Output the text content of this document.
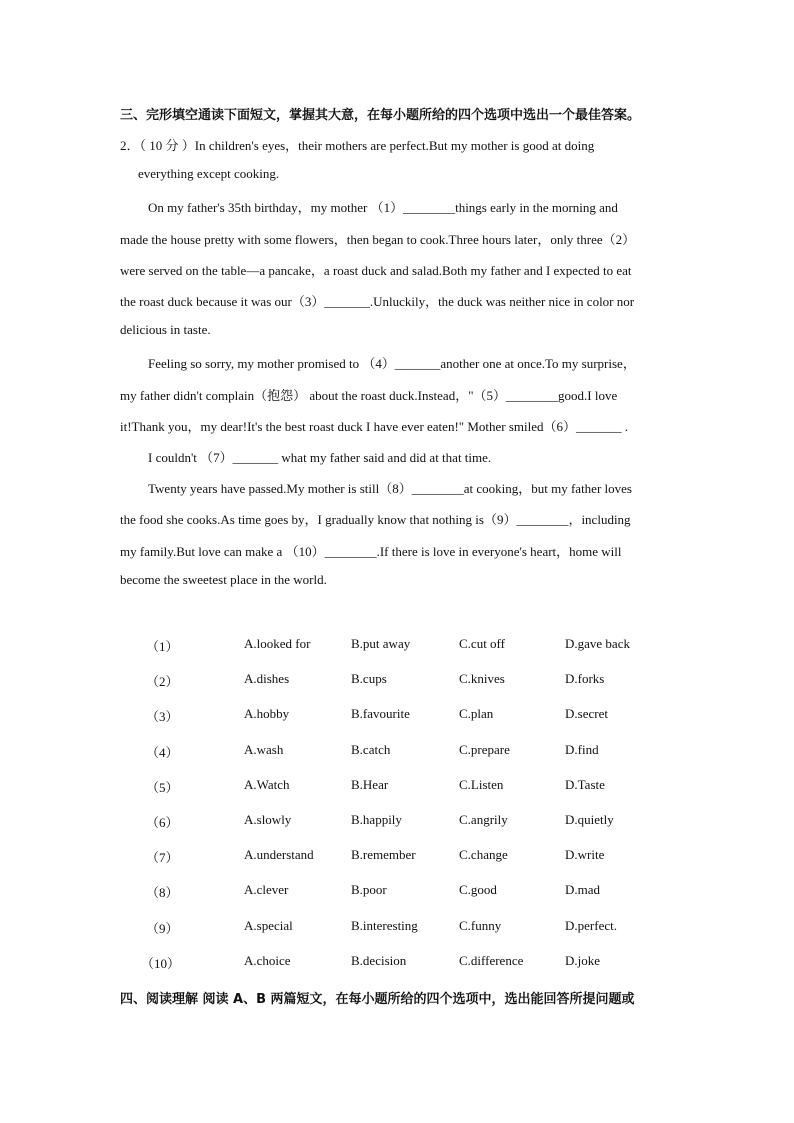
三、完形填空通读下面短文，掌握其大意，在每小题所给的四个选项中选出一个最佳答案。
2．（ 10 分 ）In children's eyes，their mothers are perfect.But my mother is good at doing
everything except cooking.
On my father's 35th birthday，my mother （1）________things early in the morning and
made the house pretty with some flowers，then began to cook.Three hours later，only three（2）
were served on the table—a pancake，a roast duck and salad.Both my father and I expected to eat
the roast duck because it was our（3）_______.Unluckily，the duck was neither nice in color nor
delicious in taste.
Feeling so sorry, my mother promised to （4）_______another one at once.To my surprise，
my father didn't complain（抱怨） about the roast duck.Instead，"（5）________good.I love
it!Thank you，my dear!It's the best roast duck I have ever eaten!" Mother smiled（6）_______ .
I couldn't （7）_______ what my father said and did at that time.
Twenty years have passed.My mother is still（8）________at cooking，but my father loves
the food she cooks.As time goes by，I gradually know that nothing is（9）________，including
my family.But love can make a （10）________.If there is love in everyone's heart，home will
become the sweetest place in the world.
（1）	A.looked for	B.put away	C.cut off	D.gave back
（2）	A.dishes	B.cups	C.knives	D.forks
（3）	A.hobby	B.favourite	C.plan	D.secret
（4）	A.wash	B.catch	C.prepare	D.find
（5）	A.Watch	B.Hear	C.Listen	D.Taste
（6）	A.slowly	B.happily	C.angrily	D.quietly
（7）	A.understand	B.remember	C.change	D.write
（8）	A.clever	B.poor	C.good	D.mad
（9）	A.special	B.interesting	C.funny	D.perfect.
（10）	A.choice	B.decision	C.difference	D.joke
四、阅读理解 阅读 A、B 两篇短文，在每小题所给的四个选项中，选出能回答所提问题或
